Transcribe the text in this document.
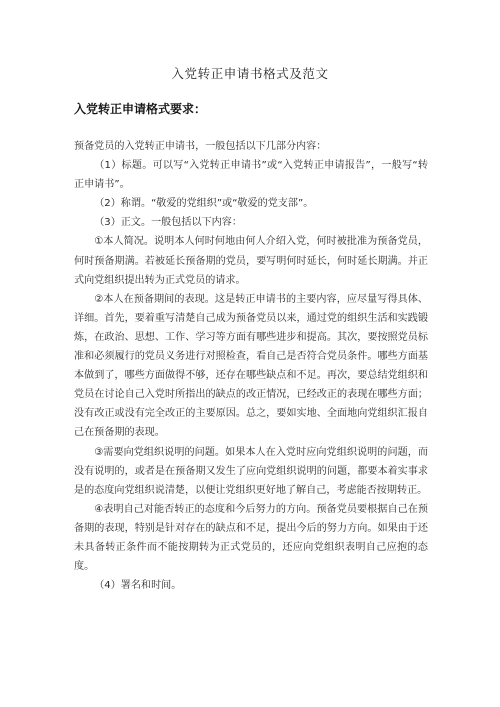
入党转正申请书格式及范文
入党转正申请格式要求：

预备党员的入党转正申请书，一般包括以下几部分内容：

（1）标题。可以写“入党转正申请书”或“入党转正申请报告”，一般写“转正申请书”。

（2）称谓。“敬爱的党组织”或“敬爱的党支部”。

（3）正文。一般包括以下内容：

①本人简况。说明本人何时何地由何人介绍入党，何时被批准为预备党员，何时预备期满。若被延长预备期的党员，要写明何时延长，何时延长期满。并正式向党组织提出转为正式党员的请求。

②本人在预备期间的表现。这是转正申请书的主要内容，应尽量写得具体、详细。首先，要着重写清楚自己成为预备党员以来，通过党的组织生活和实践锻炼，在政治、思想、工作、学习等方面有哪些进步和提高。其次，要按照党员标准和必须履行的党员义务进行对照检查，看自己是否符合党员条件。哪些方面基本做到了，哪些方面做得不够，还存在哪些缺点和不足。再次，要总结党组织和党员在讨论自己入党时所指出的缺点的改正情况，已经改正的表现在哪些方面；没有改正或没有完全改正的主要原因。总之，要如实地、全面地向党组织汇报自己在预备期的表现。

③需要向党组织说明的问题。如果本人在入党时应向党组织说明的问题，而没有说明的，或者是在预备期又发生了应向党组织说明的问题，都要本着实事求是的态度向党组织说清楚，以便让党组织更好地了解自己，考虑能否按期转正。

④表明自己对能否转正的态度和今后努力的方向。预备党员要根据自己在预备期的表现，特别是针对存在的缺点和不足，提出今后的努力方向。如果由于还未具备转正条件而不能按期转为正式党员的，还应向党组织表明自己应抱的态度。

（4）署名和时间。
